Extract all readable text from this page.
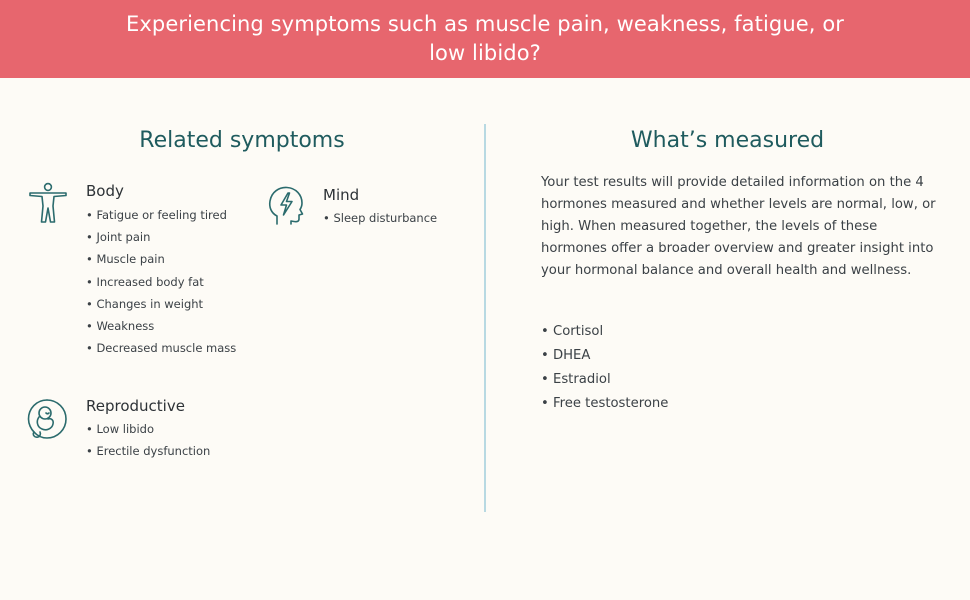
Experiencing symptoms such as muscle pain, weakness, fatigue, or low libido?
Related symptoms
Body
• Fatigue or feeling tired
• Joint pain
• Muscle pain
• Increased body fat
• Changes in weight
• Weakness
• Decreased muscle mass
Mind
• Sleep disturbance
Reproductive
• Low libido
• Erectile dysfunction
What’s measured

Your test results will provide detailed information on the 4 hormones measured and whether levels are normal, low, or high. When measured together, the levels of these hormones offer a broader overview and greater insight into your hormonal balance and overall health and wellness.

• Cortisol
• DHEA
• Estradiol
• Free testosterone
